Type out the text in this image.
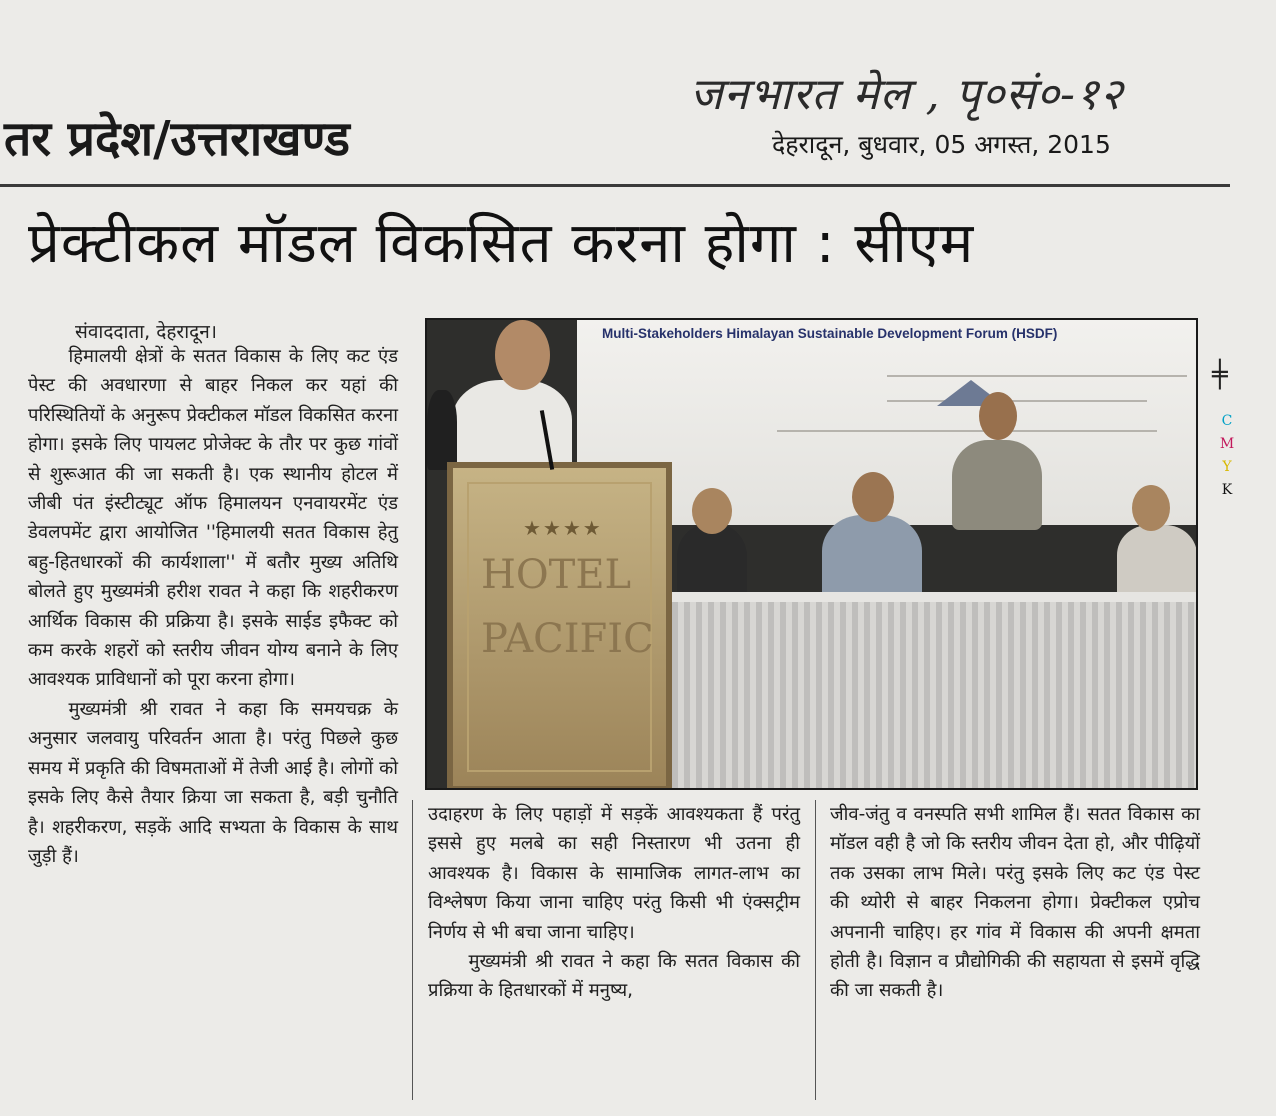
जनभारत मेल , पृ०सं०-१२
तर प्रदेश/उत्तराखण्ड	देहरादून, बुधवार, 05 अगस्त, 2015
प्रेक्टीकल मॉडल विकसित करना होगा : सीएम
संवाददाता, देहरादून।

हिमालयी क्षेत्रों के सतत विकास के लिए कट एंड पेस्ट की अवधारणा से बाहर निकल कर यहां की परिस्थितियों के अनुरूप प्रेक्टीकल मॉडल विकसित करना होगा। इसके लिए पायलट प्रोजेक्ट के तौर पर कुछ गांवों से शुरूआत की जा सकती है। एक स्थानीय होटल में जीबी पंत इंस्टीट्यूट ऑफ हिमालयन एनवायरमेंट एंड डेवलपमेंट द्वारा आयोजित ''हिमालयी सतत विकास हेतु बहु-हितधारकों की कार्यशाला'' में बतौर मुख्य अतिथि बोलते हुए मुख्यमंत्री हरीश रावत ने कहा कि शहरीकरण आर्थिक विकास की प्रक्रिया है। इसके साईड इफैक्ट को कम करके शहरों को स्तरीय जीवन योग्य बनाने के लिए आवश्यक प्राविधानों को पूरा करना होगा।

मुख्यमंत्री श्री रावत ने कहा कि समयचक्र के अनुसार जलवायु परिवर्तन आता है। परंतु पिछले कुछ समय में प्रकृति की विषमताओं में तेजी आई है। लोगों को इसके लिए कैसे तैयार क्रिया जा सकता है, बड़ी चुनौति है। शहरीकरण, सड़कें आदि सभ्यता के विकास के साथ जुड़ी हैं।

उदाहरण के लिए पहाड़ों में सड़कें आवश्यकता हैं परंतु इससे हुए मलबे का सही निस्तारण भी उतना ही आवश्यक है। विकास के सामाजिक लागत-लाभ का विश्लेषण किया जाना चाहिए परंतु किसी भी एंक्सट्रीम निर्णय से भी बचा जाना चाहिए।

मुख्यमंत्री श्री रावत ने कहा कि सतत विकास की प्रक्रिया के हितधारकों में मनुष्य,

जीव-जंतु व वनस्पति सभी शामिल हैं। सतत विकास का मॉडल वही है जो कि स्तरीय जीवन देता हो, और पीढ़ियों तक उसका लाभ मिले। परंतु इसके लिए कट एंड पेस्ट की थ्योरी से बाहर निकलना होगा। प्रेक्टीकल एप्रोच अपनानी चाहिए। हर गांव में विकास की अपनी क्षमता होती है। विज्ञान व प्रौद्योगिकी की सहायता से इसमें वृद्धि की जा सकती है।

Multi-Stakeholders Himalayan Sustainable Development Forum (HSDF)
★★★★
HOTEL
PACIFIC
╪
C
M
Y
K
